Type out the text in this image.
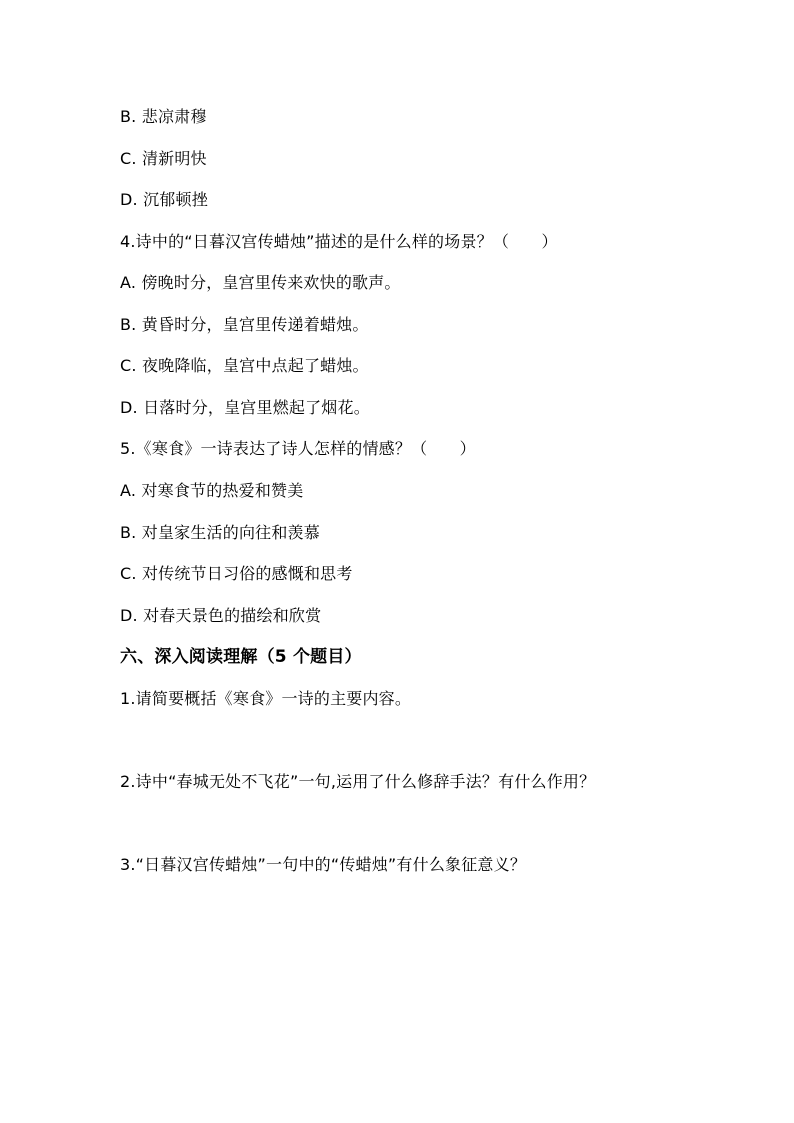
B. 悲凉肃穆
C. 清新明快
D. 沉郁顿挫
4.诗中的“日暮汉宫传蜡烛”描述的是什么样的场景？（　　）
A. 傍晚时分，皇宫里传来欢快的歌声。
B. 黄昏时分，皇宫里传递着蜡烛。
C. 夜晚降临，皇宫中点起了蜡烛。
D. 日落时分，皇宫里燃起了烟花。
5.《寒食》一诗表达了诗人怎样的情感？（　　）
A. 对寒食节的热爱和赞美
B. 对皇家生活的向往和羡慕
C. 对传统节日习俗的感慨和思考
D. 对春天景色的描绘和欣赏
六、深入阅读理解（5 个题目）
1.请简要概括《寒食》一诗的主要内容。
2.诗中“春城无处不飞花”一句,运用了什么修辞手法？有什么作用？
3.“日暮汉宫传蜡烛”一句中的“传蜡烛”有什么象征意义？
